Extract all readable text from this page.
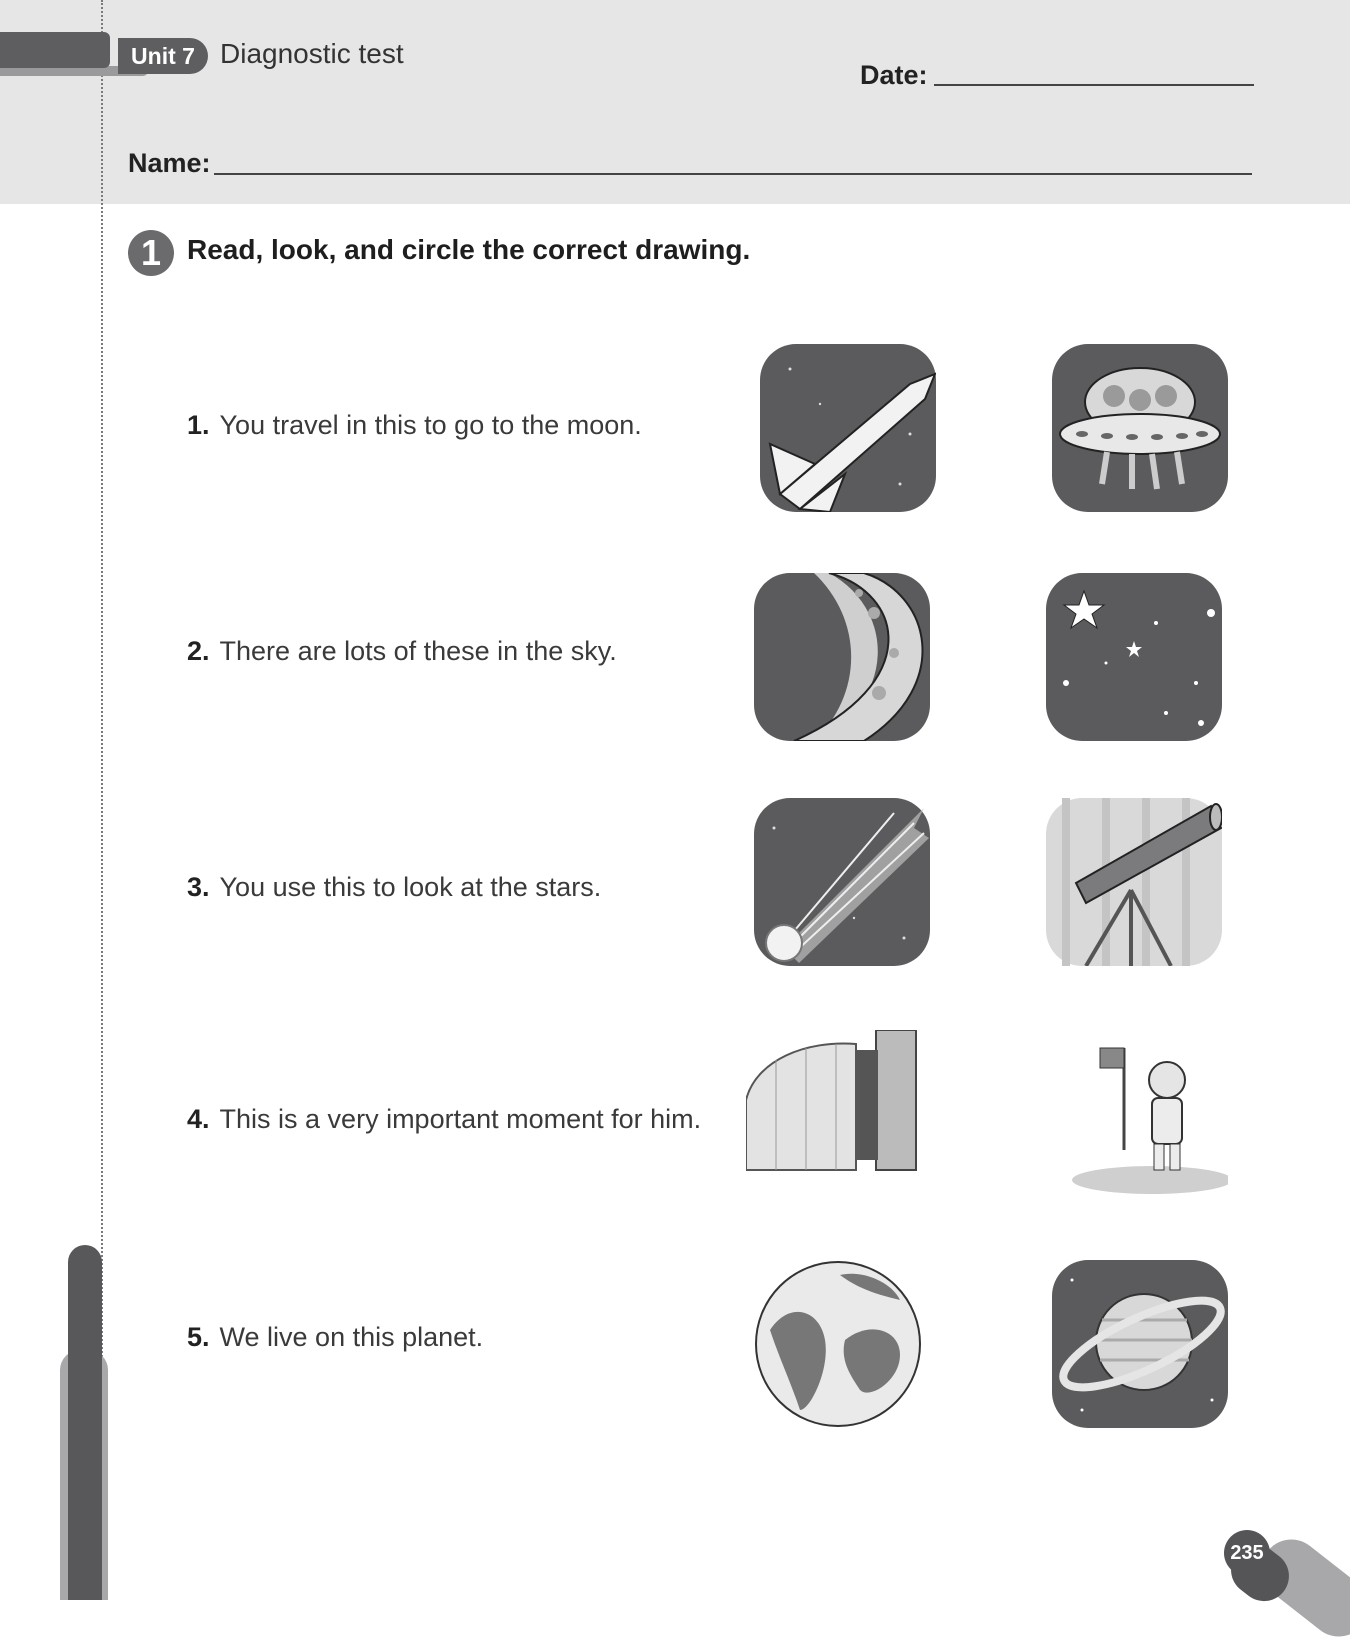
Unit 7 Diagnostic test
Date:
Name:
1 Read, look, and circle the correct drawing.
1. You travel in this to go to the moon.
2. There are lots of these in the sky.
3. You use this to look at the stars.
4. This is a very important moment for him.
5. We live on this planet.
Material fotocopiable
235
